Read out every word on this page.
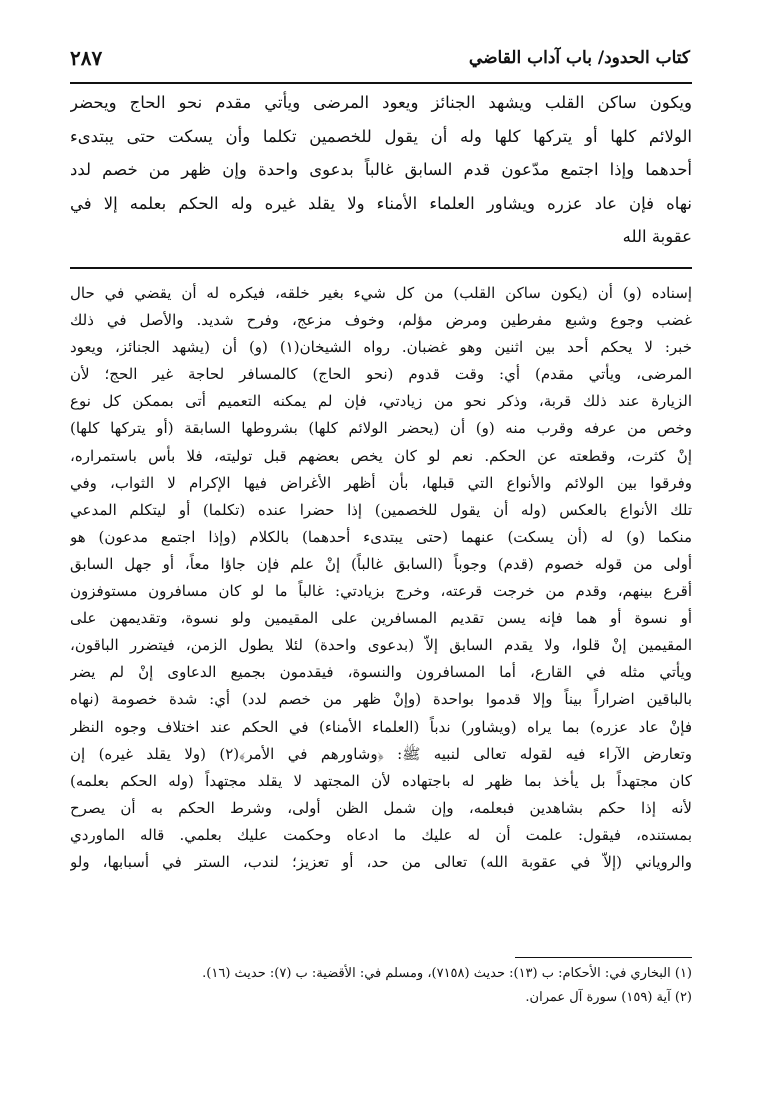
كتاب الحدود/ باب آداب القاضي
٢٨٧
ويكون ساكن القلب ويشهد الجنائز ويعود المرضى ويأتي مقدم نحو الحاج ويحضر
الولائم كلها أو يتركها كلها وله أن يقول للخصمين تكلما وأن يسكت حتى يبتدىء
أحدهما وإذا اجتمع مدّعون قدم السابق غالباً بدعوى واحدة وإن ظهر من خصم لدد
نهاه فإن عاد عزره ويشاور العلماء الأمناء ولا يقلد غيره وله الحكم بعلمه إلا في
عقوبة الله
إسناده (و) أن (يكون ساكن القلب) من كل شيء بغير خلقه، فيكره له أن يقضي في حال
غضب وجوع وشبع مفرطين ومرض مؤلم، وخوف مزعج، وفرح شديد. والأصل في ذلك
خبر: لا يحكم أحد بين اثنين وهو غضبان. رواه الشيخان(١) (و) أن (يشهد الجنائز، ويعود
المرضى، ويأتي مقدم) أي: وقت قدوم (نحو الحاج) كالمسافر لحاجة غير الحج؛ لأن
الزيارة عند ذلك قربة، وذكر نحو من زيادتي، فإن لم يمكنه التعميم أتى بممكن كل نوع
وخص من عرفه وقرب منه (و) أن (يحضر الولائم كلها) بشروطها السابقة (أو يتركها كلها)
إنْ كثرت، وقطعته عن الحكم. نعم لو كان يخص بعضهم قبل توليته، فلا بأس باستمراره،
وفرقوا بين الولائم والأنواع التي قبلها، بأن أظهر الأغراض فيها الإكرام لا الثواب، وفي
تلك الأنواع بالعكس (وله أن يقول للخصمين) إذا حضرا عنده (تكلما) أو ليتكلم المدعي
منكما (و) له (أن يسكت) عنهما (حتى يبتدىء أحدهما) بالكلام (وإذا اجتمع مدعون) هو
أولى من قوله خصوم (قدم) وجوباً (السابق غالباً) إنْ علم فإن جاؤا معاً، أو جهل السابق
أقرع بينهم، وقدم من خرجت قرعته، وخرج بزيادتي: غالباً ما لو كان مسافرون مستوفزون
أو نسوة أو هما فإنه يسن تقديم المسافرين على المقيمين ولو نسوة، وتقديمهن على
المقيمين إنْ قلوا، ولا يقدم السابق إلاّ (بدعوى واحدة) لئلا يطول الزمن، فيتضرر الباقون،
ويأتي مثله في القارع، أما المسافرون والنسوة، فيقدمون بجميع الدعاوى إنْ لم يضر
بالباقين اضراراً بيناً وإلا قدموا بواحدة (وإنْ ظهر من خصم لدد) أي: شدة خصومة (نهاه
فإنْ عاد عزره) بما يراه (ويشاور) ندباً (العلماء الأمناء) في الحكم عند اختلاف وجوه النظر
وتعارض الآراء فيه لقوله تعالى لنبيه ﷺ: ﴿وشاورهم في الأمر﴾(٢) (ولا يقلد غيره) إن
كان مجتهداً بل يأخذ بما ظهر له باجتهاده لأن المجتهد لا يقلد مجتهداً (وله الحكم بعلمه)
لأنه إذا حكم بشاهدين فبعلمه، وإن شمل الظن أولى، وشرط الحكم به أن يصرح
بمستنده، فيقول: علمت أن له عليك ما ادعاه وحكمت عليك بعلمي. قاله الماوردي
والروياني (إلاّ في عقوبة الله) تعالى من حد، أو تعزيز؛ لندب، الستر في أسبابها، ولو
(١) البخاري في: الأحكام: ب (١٣): حديث (٧١٥٨)، ومسلم في: الأقضية: ب (٧): حديث (١٦).
(٢) آية (١٥٩) سورة آل عمران.
